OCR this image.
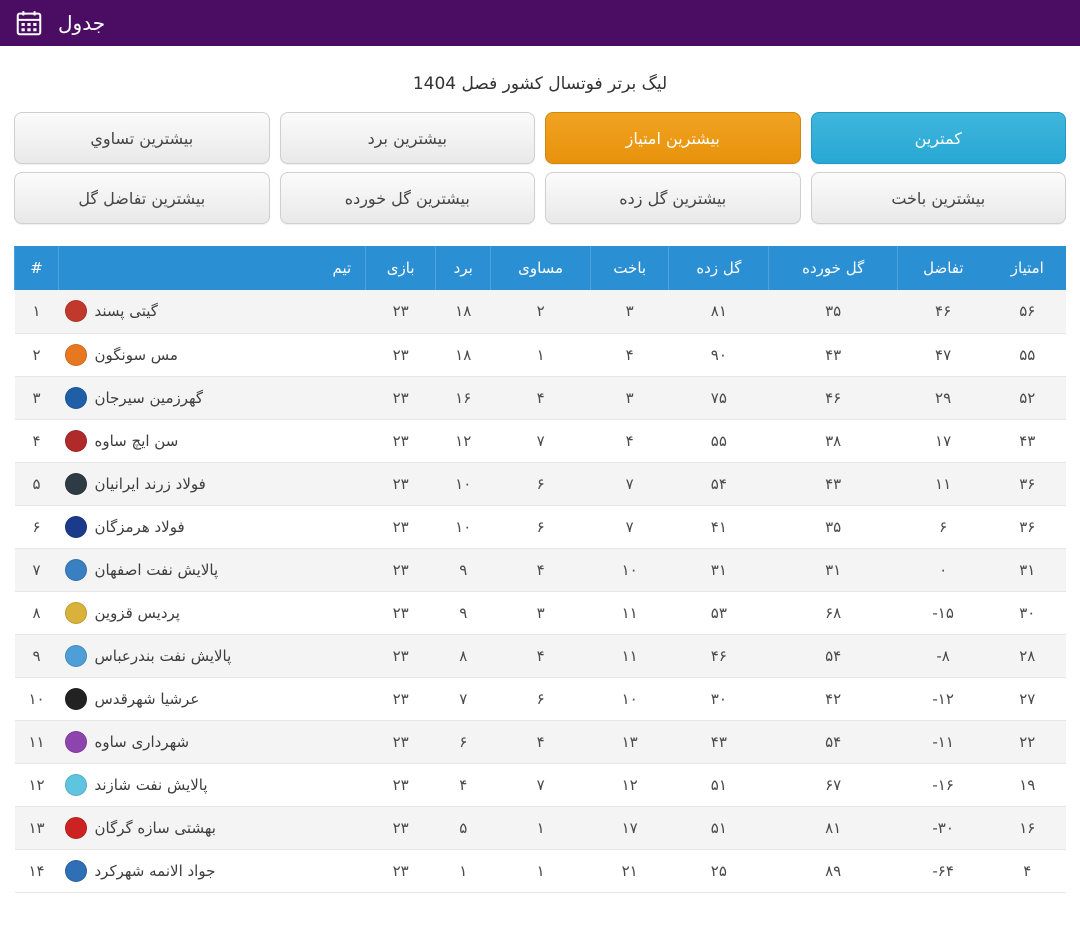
جدول
لیگ برتر فوتسال کشور فصل 1404
کمترین
بیشترین امتیاز
بیشترین برد
بیشترین تساوي
بیشترین باخت
بیشترین گل زده
بیشترین گل خورده
بیشترین تفاضل گل
امتیاز	تفاضل	گل خورده	گل زده	باخت	مساوی	برد	بازی	تیم	#
۵۶	۴۶	۳۵	۸۱	۳	۲	۱۸	۲۳	گیتی پسند	۱
۵۵	۴۷	۴۳	۹۰	۴	۱	۱۸	۲۳	مس سونگون	۲
۵۲	۲۹	۴۶	۷۵	۳	۴	۱۶	۲۳	گهرزمین سیرجان	۳
۴۳	۱۷	۳۸	۵۵	۴	۷	۱۲	۲۳	سن ایچ ساوه	۴
۳۶	۱۱	۴۳	۵۴	۷	۶	۱۰	۲۳	فولاد زرند ایرانیان	۵
۳۶	۶	۳۵	۴۱	۷	۶	۱۰	۲۳	فولاد هرمزگان	۶
۳۱	۰	۳۱	۳۱	۱۰	۴	۹	۲۳	پالایش نفت اصفهان	۷
۳۰	۱۵-	۶۸	۵۳	۱۱	۳	۹	۲۳	پردیس قزوین	۸
۲۸	۸-	۵۴	۴۶	۱۱	۴	۸	۲۳	پالایش نفت بندرعباس	۹
۲۷	۱۲-	۴۲	۳۰	۱۰	۶	۷	۲۳	عرشیا شهرقدس	۱۰
۲۲	۱۱-	۵۴	۴۳	۱۳	۴	۶	۲۳	شهرداری ساوه	۱۱
۱۹	۱۶-	۶۷	۵۱	۱۲	۷	۴	۲۳	پالایش نفت شازند	۱۲
۱۶	۳۰-	۸۱	۵۱	۱۷	۱	۵	۲۳	بهشتی سازه گرگان	۱۳
۴	۶۴-	۸۹	۲۵	۲۱	۱	۱	۲۳	جواد الانمه شهرکرد	۱۴
